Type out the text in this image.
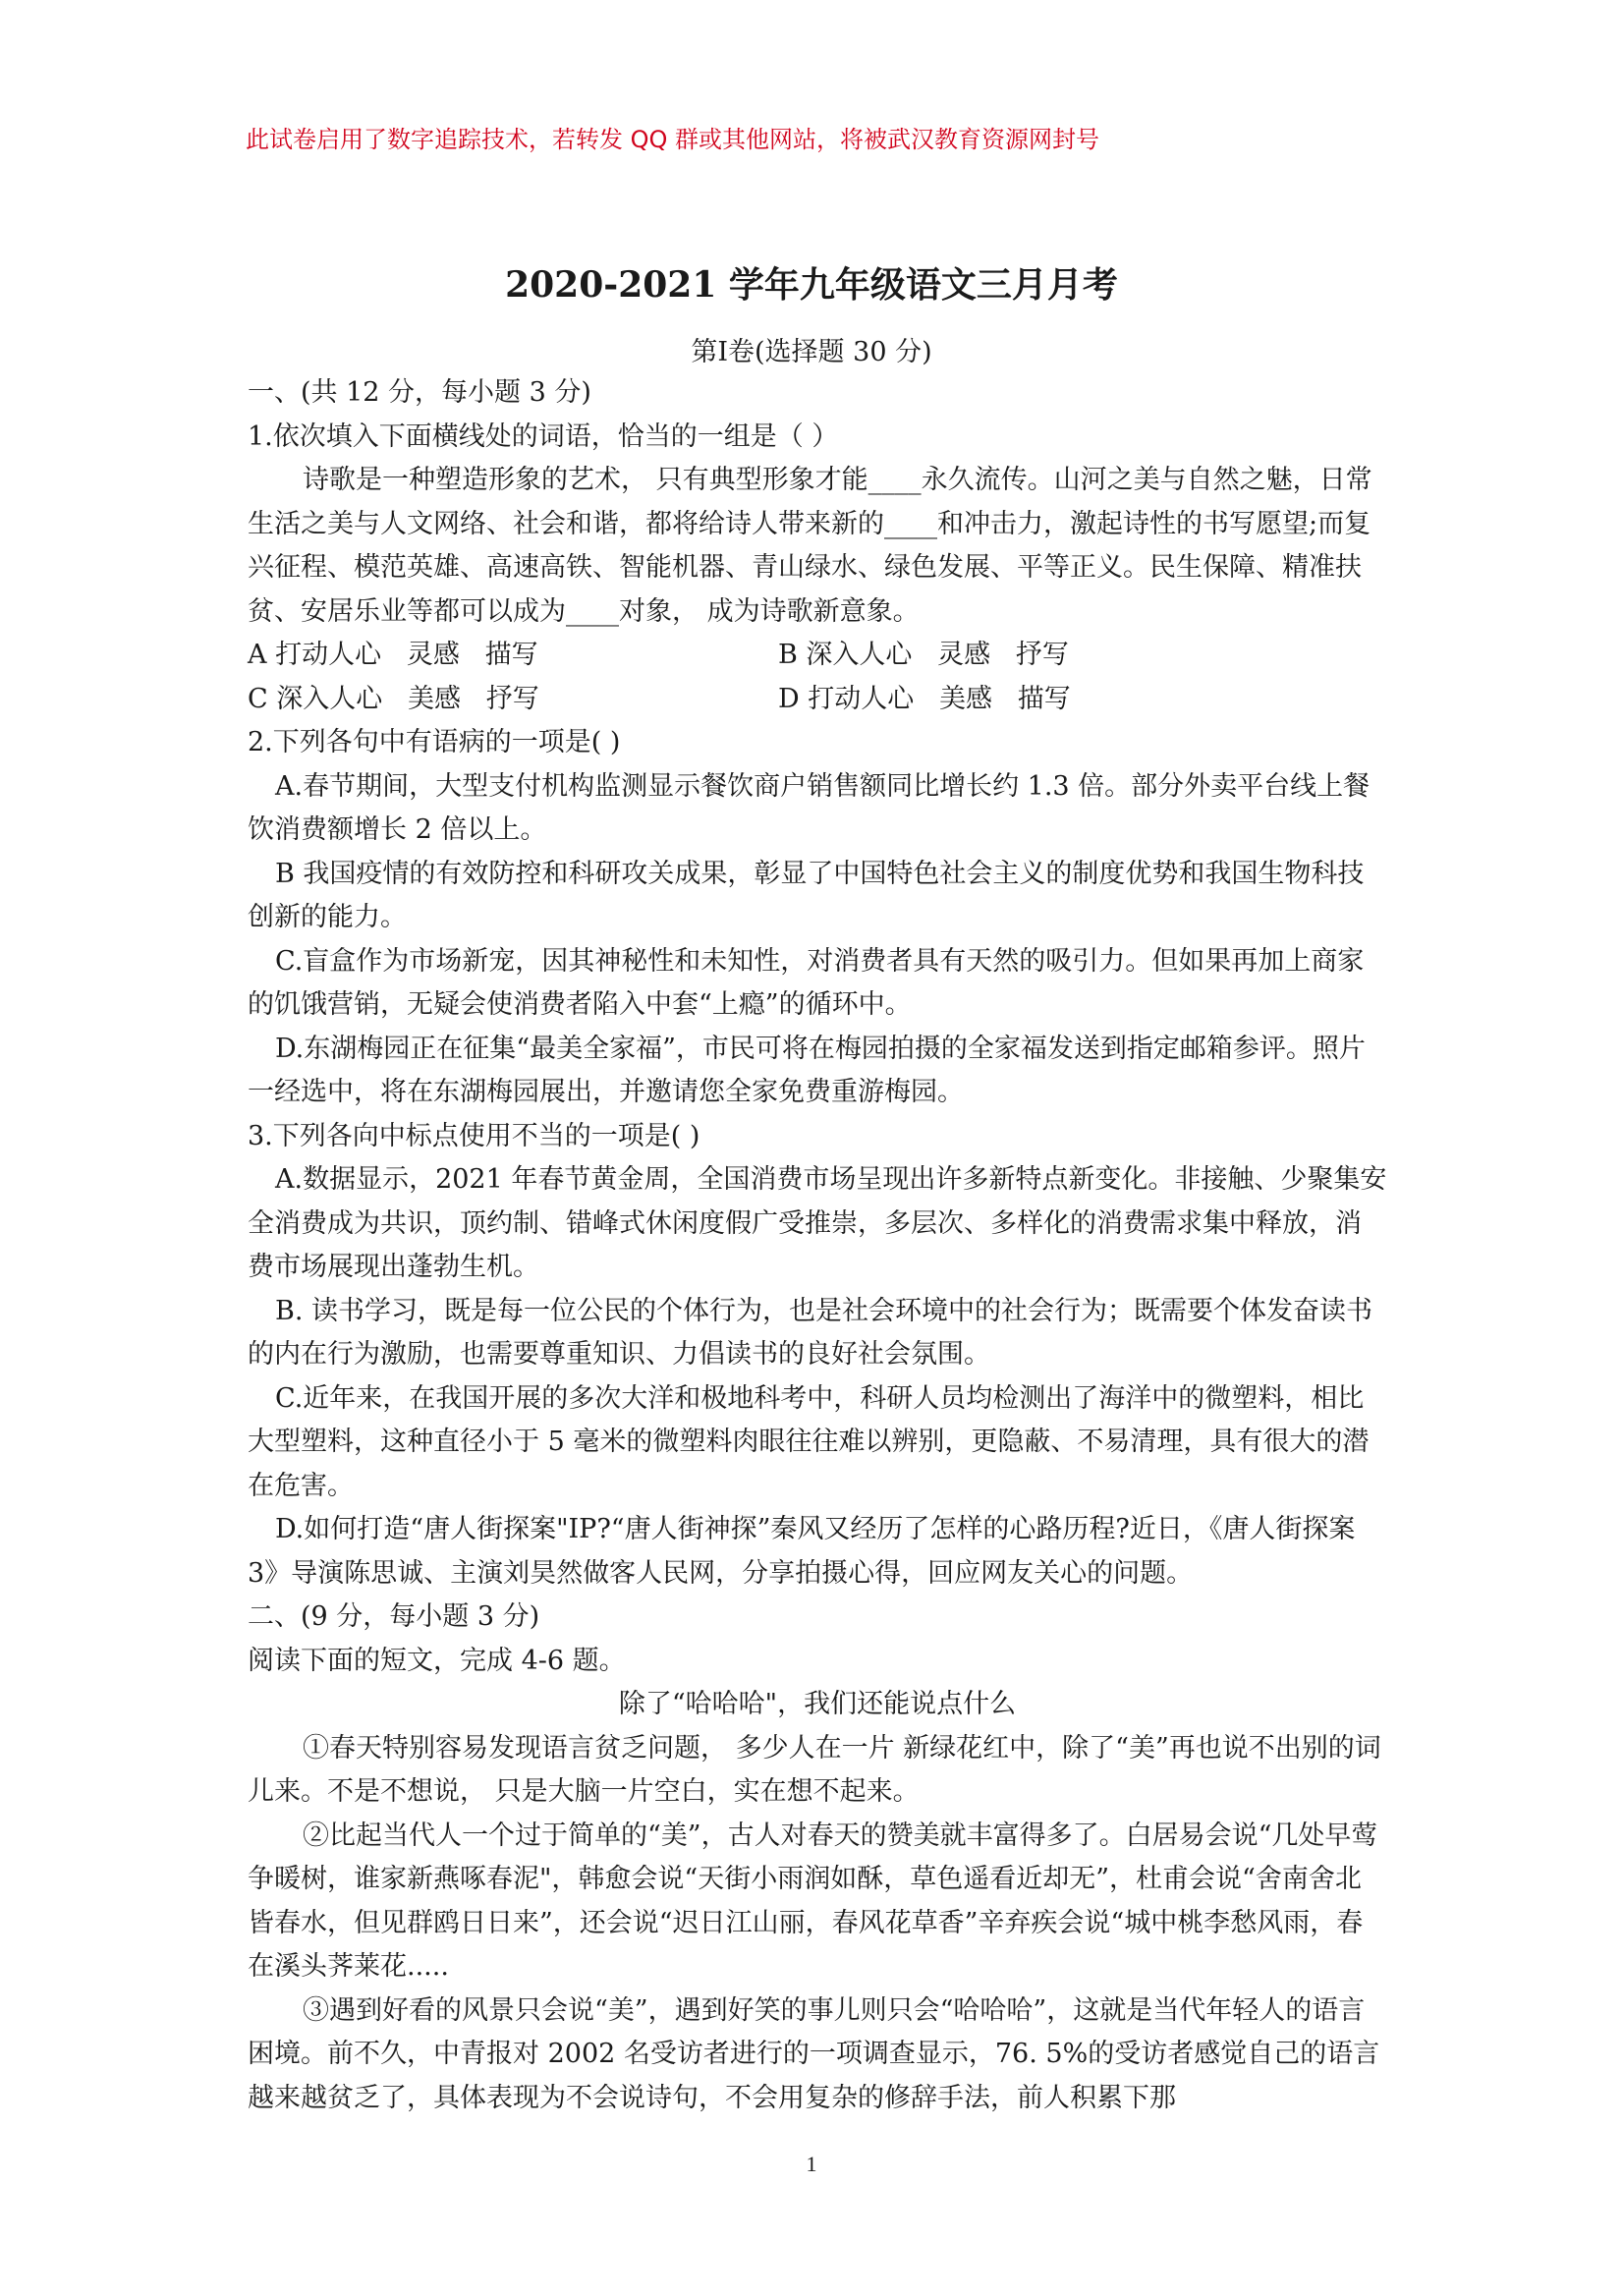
此试卷启用了数字追踪技术，若转发 QQ 群或其他网站，将被武汉教育资源网封号
2020-2021 学年九年级语文三月月考
第Ⅰ卷(选择题 30 分)

一、(共 12 分，每小题 3 分)

1.依次填入下面横线处的词语，恰当的一组是（ ）

诗歌是一种塑造形象的艺术， 只有典型形象才能____永久流传。山河之美与自然之魅，日常生活之美与人文网络、社会和谐，都将给诗人带来新的____和冲击力，激起诗性的书写愿望;而复兴征程、模范英雄、高速高铁、智能机器、青山绿水、绿色发展、平等正义。民生保障、精准扶贫、安居乐业等都可以成为____对象， 成为诗歌新意象。

A 打动人心   灵感   描写	B 深入人心   灵感   抒写
C 深入人心   美感   抒写	D 打动人心   美感   描写

2.下列各句中有语病的一项是( )

A.春节期间，大型支付机构监测显示餐饮商户销售额同比增长约 1.3 倍。部分外卖平台线上餐饮消费额增长 2 倍以上。

B 我国疫情的有效防控和科研攻关成果，彰显了中国特色社会主义的制度优势和我国生物科技创新的能力。

C.盲盒作为市场新宠，因其神秘性和未知性，对消费者具有天然的吸引力。但如果再加上商家的饥饿营销，无疑会使消费者陷入中套“上瘾”的循环中。

D.东湖梅园正在征集“最美全家福”，市民可将在梅园拍摄的全家福发送到指定邮箱参评。照片一经选中，将在东湖梅园展出，并邀请您全家免费重游梅园。

3.下列各向中标点使用不当的一项是( )

A.数据显示，2021 年春节黄金周，全国消费市场呈现出许多新特点新变化。非接触、少聚集安全消费成为共识，顶约制、错峰式休闲度假广受推崇，多层次、多样化的消费需求集中释放，消费市场展现出蓬勃生机。

B. 读书学习，既是每一位公民的个体行为，也是社会环境中的社会行为；既需要个体发奋读书的内在行为激励，也需要尊重知识、力倡读书的良好社会氛围。

C.近年来，在我国开展的多次大洋和极地科考中，科研人员均检测出了海洋中的微塑料，相比大型塑料，这种直径小于 5 毫米的微塑料肉眼往往难以辨别，更隐蔽、不易清理，具有很大的潜在危害。

D.如何打造“唐人街探案"IP?“唐人街神探”秦风又经历了怎样的心路历程?近日，《唐人街探案 3》导演陈思诚、主演刘昊然做客人民网，分享拍摄心得，回应网友关心的问题。

二、(9 分，每小题 3 分)

阅读下面的短文，完成 4-6 题。

除了“哈哈哈"，我们还能说点什么

①春天特别容易发现语言贫乏问题， 多少人在一片 新绿花红中，除了“美”再也说不出别的词儿来。不是不想说， 只是大脑一片空白，实在想不起来。

②比起当代人一个过于简单的“美”，古人对春天的赞美就丰富得多了。白居易会说“几处早莺争暖树，谁家新燕啄春泥"，韩愈会说“天街小雨润如酥，草色遥看近却无”，杜甫会说“舍南舍北皆春水，但见群鸥日日来”，还会说“迟日江山丽，春风花草香”辛弃疾会说“城中桃李愁风雨，春在溪头荠莱花.....

③遇到好看的风景只会说“美”，遇到好笑的事儿则只会“哈哈哈”，这就是当代年轻人的语言困境。前不久，中青报对 2002 名受访者进行的一项调查显示，76. 5%的受访者感觉自己的语言越来越贫乏了，具体表现为不会说诗句，不会用复杂的修辞手法，前人积累下那

1
